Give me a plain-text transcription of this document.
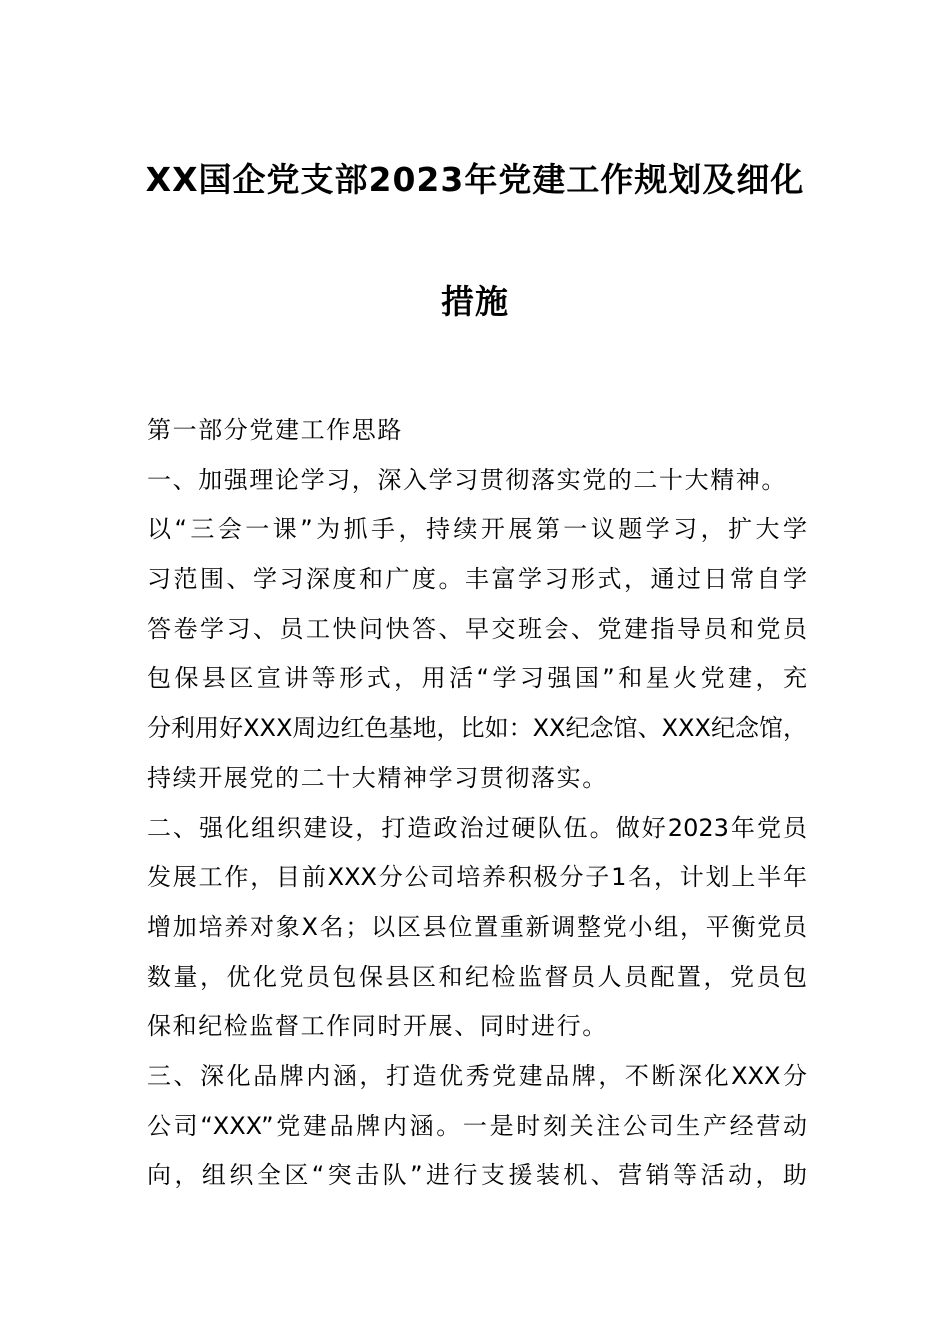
XX国企党支部2023年党建工作规划及细化
措施
第一部分党建工作思路
一、加强理论学习，深入学习贯彻落实党的二十大精神。
以“三会一课”为抓手，持续开展第一议题学习，扩大学
习范围、学习深度和广度。丰富学习形式，通过日常自学
答卷学习、员工快问快答、早交班会、党建指导员和党员
包保县区宣讲等形式，用活“学习强国”和星火党建，充
分利用好XXX周边红色基地，比如：XX纪念馆、XXX纪念馆，
持续开展党的二十大精神学习贯彻落实。
二、强化组织建设，打造政治过硬队伍。做好2023年党员
发展工作，目前XXX分公司培养积极分子1名，计划上半年
增加培养对象X名；以区县位置重新调整党小组，平衡党员
数量，优化党员包保县区和纪检监督员人员配置，党员包
保和纪检监督工作同时开展、同时进行。
三、深化品牌内涵，打造优秀党建品牌，不断深化XXX分
公司“XXX”党建品牌内涵。一是时刻关注公司生产经营动
向，组织全区“突击队”进行支援装机、营销等活动，助
